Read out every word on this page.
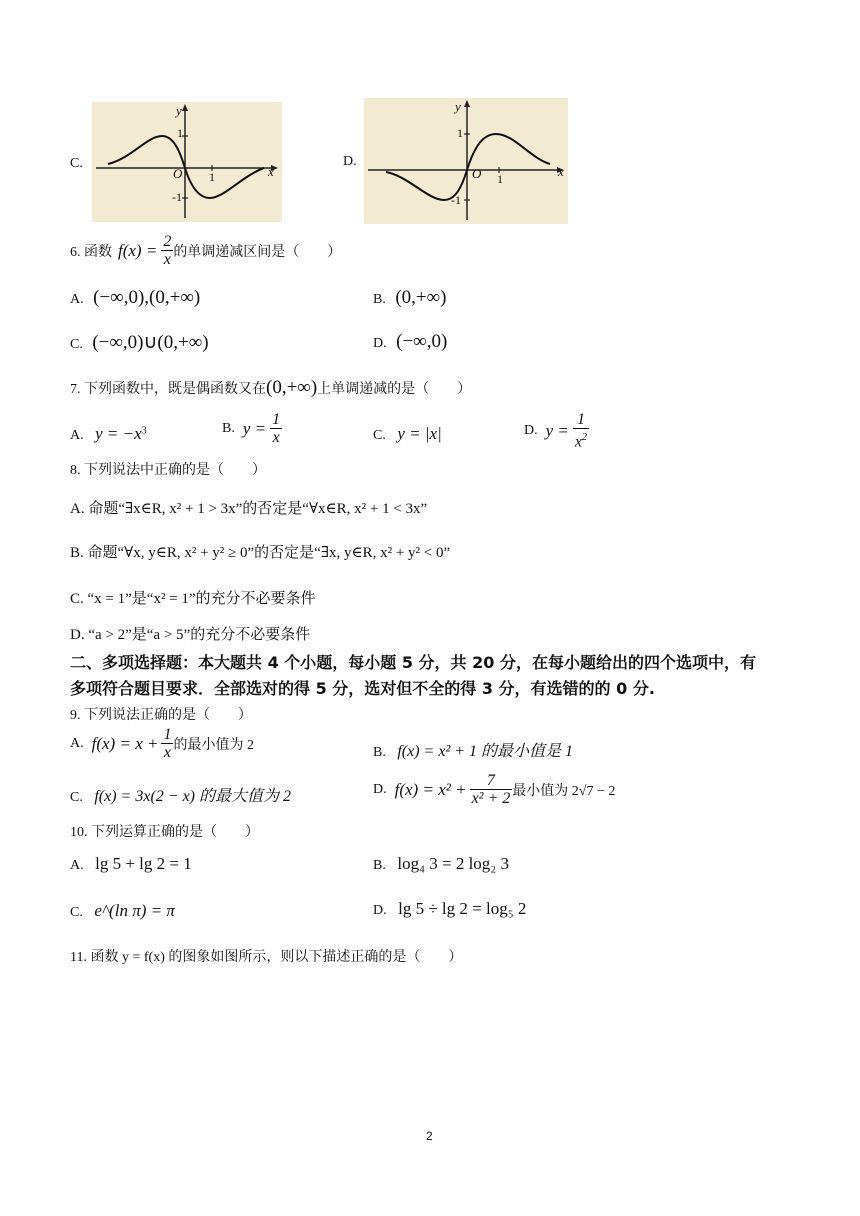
C.
y
1
-1
O 1	x
D.
y
1
-1
O 1	x
6. 函数 $f(x) = \frac{2}{x}$ 的单调递减区间是（　　）
A. (−∞,0),(0,+∞)	B. (0,+∞)
C. (−∞,0)∪(0,+∞)	D. (−∞,0)
7. 下列函数中，既是偶函数又在(0,+∞)上单调递减的是（　　）
A. $y = -x^3$	B. $y = \frac{1}{x}$	C. y = |x|	D. $y = \frac{1}{x^2}$
8. 下列说法中正确的是（　　）
A. 命题“∃x∈R, x² + 1 > 3x”的否定是“∀x∈R, x² + 1 < 3x”
B. 命题“∀x, y∈R, x² + y² ≥ 0”的否定是“∃x, y∈R, x² + y² < 0”
C. “x = 1”是“x² = 1”的充分不必要条件
D. “a > 2”是“a > 5”的充分不必要条件
二、多项选择题：本大题共 4 个小题，每小题 5 分，共 20 分，在每小题给出的四个选项中，有
多项符合题目要求．全部选对的得 5 分，选对但不全的得 3 分，有选错的的 0 分.
9. 下列说法正确的是（　　）
A. $f(x) = x + \frac{1}{x}$ 的最小值为 2	B. f(x) = x² + 1 的最小值是 1
C. f(x) = 3x(2 − x) 的最大值为 2	D. $f(x) = x^2 + \frac{7}{\text{x² + 2}}$ 最小值为 2√7 − 2
10. 下列运算正确的是（　　）
A. lg 5 + lg 2 = 1	B. log₄ 3 = 2 log₂ 3
C. e^(ln π) = π	D. lg 5 ÷ lg 2 = log₅ 2
11. 函数 y = f(x) 的图象如图所示，则以下描述正确的是（　　）
2
